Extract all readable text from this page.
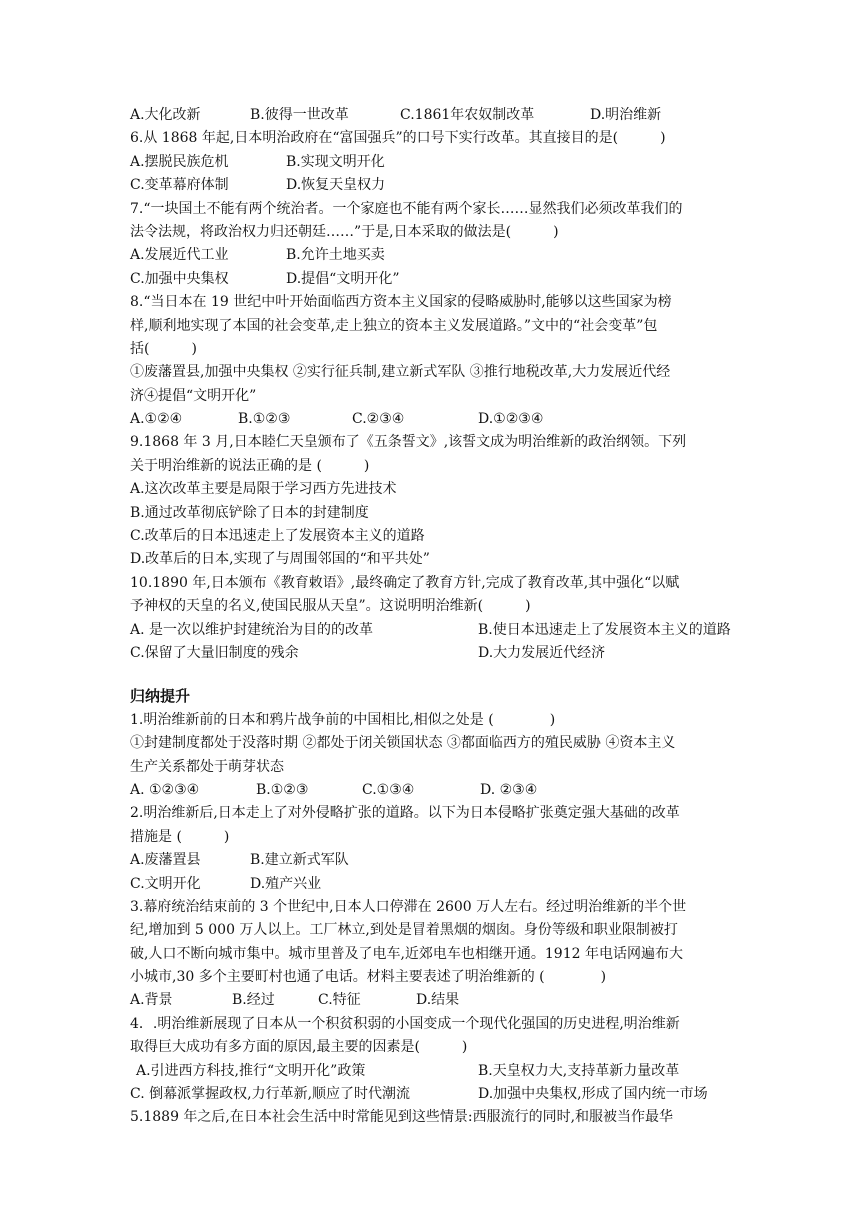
A.大化改新	B.彼得一世改革	C.1861年农奴制改革	D.明治维新
6.从 1868 年起,日本明治政府在“富国强兵”的口号下实行改革。其直接目的是(　　　)
A.摆脱民族危机	B.实现文明开化
C.变革幕府体制	D.恢复天皇权力
7.“一块国土不能有两个统治者。一个家庭也不能有两个家长……显然我们必须改革我们的
法令法规，将政治权力归还朝廷……”于是,日本采取的做法是(　　　)
A.发展近代工业	B.允许土地买卖
C.加强中央集权	D.提倡“文明开化”
8.“当日本在 19 世纪中叶开始面临西方资本主义国家的侵略威胁时,能够以这些国家为榜
样,顺利地实现了本国的社会变革,走上独立的资本主义发展道路。”文中的“社会变革”包
括(　　　)
①废藩置县,加强中央集权 ②实行征兵制,建立新式军队 ③推行地税改革,大力发展近代经
济④提倡“文明开化”
A.①②④	B.①②③	C.②③④	D.①②③④
9.1868 年 3 月,日本睦仁天皇颁布了《五条誓文》,该誓文成为明治维新的政治纲领。下列
关于明治维新的说法正确的是 (　　　)
A.这次改革主要是局限于学习西方先进技术
B.通过改革彻底铲除了日本的封建制度
C.改革后的日本迅速走上了发展资本主义的道路
D.改革后的日本,实现了与周围邻国的“和平共处”
10.1890 年,日本颁布《教育敕语》,最终确定了教育方针,完成了教育改革,其中强化“以赋
予神权的天皇的名义,使国民服从天皇”。这说明明治维新(　　　)
A. 是一次以维护封建统治为目的的改革	B.使日本迅速走上了发展资本主义的道路
C.保留了大量旧制度的残余	D.大力发展近代经济
归纳提升
1.明治维新前的日本和鸦片战争前的中国相比,相似之处是 (　　　　)
①封建制度都处于没落时期 ②都处于闭关锁国状态 ③都面临西方的殖民威胁 ④资本主义
生产关系都处于萌芽状态
A. ①②③④	B.①②③	C.①③④	D. ②③④
2.明治维新后,日本走上了对外侵略扩张的道路。以下为日本侵略扩张奠定强大基础的改革
措施是 (　　　)
A.废藩置县	B.建立新式军队
C.文明开化	D.殖产兴业
3.幕府统治结束前的 3 个世纪中,日本人口停滞在 2600 万人左右。经过明治维新的半个世
纪,增加到 5 000 万人以上。工厂林立,到处是冒着黑烟的烟囱。身份等级和职业限制被打
破,人口不断向城市集中。城市里普及了电车,近郊电车也相继开通。1912 年电话网遍布大
小城市,30 多个主要町村也通了电话。材料主要表述了明治维新的 (　　　　)
A.背景	B.经过	C.特征	D.结果
4．.明治维新展现了日本从一个积贫积弱的小国变成一个现代化强国的历史进程,明治维新
取得巨大成功有多方面的原因,最主要的因素是(　　　)
A.引进西方科技,推行“文明开化”政策	B.天皇权力大,支持革新力量改革
C. 倒幕派掌握政权,力行革新,顺应了时代潮流	D.加强中央集权,形成了国内统一市场
5.1889 年之后,在日本社会生活中时常能见到这些情景:西服流行的同时,和服被当作最华
